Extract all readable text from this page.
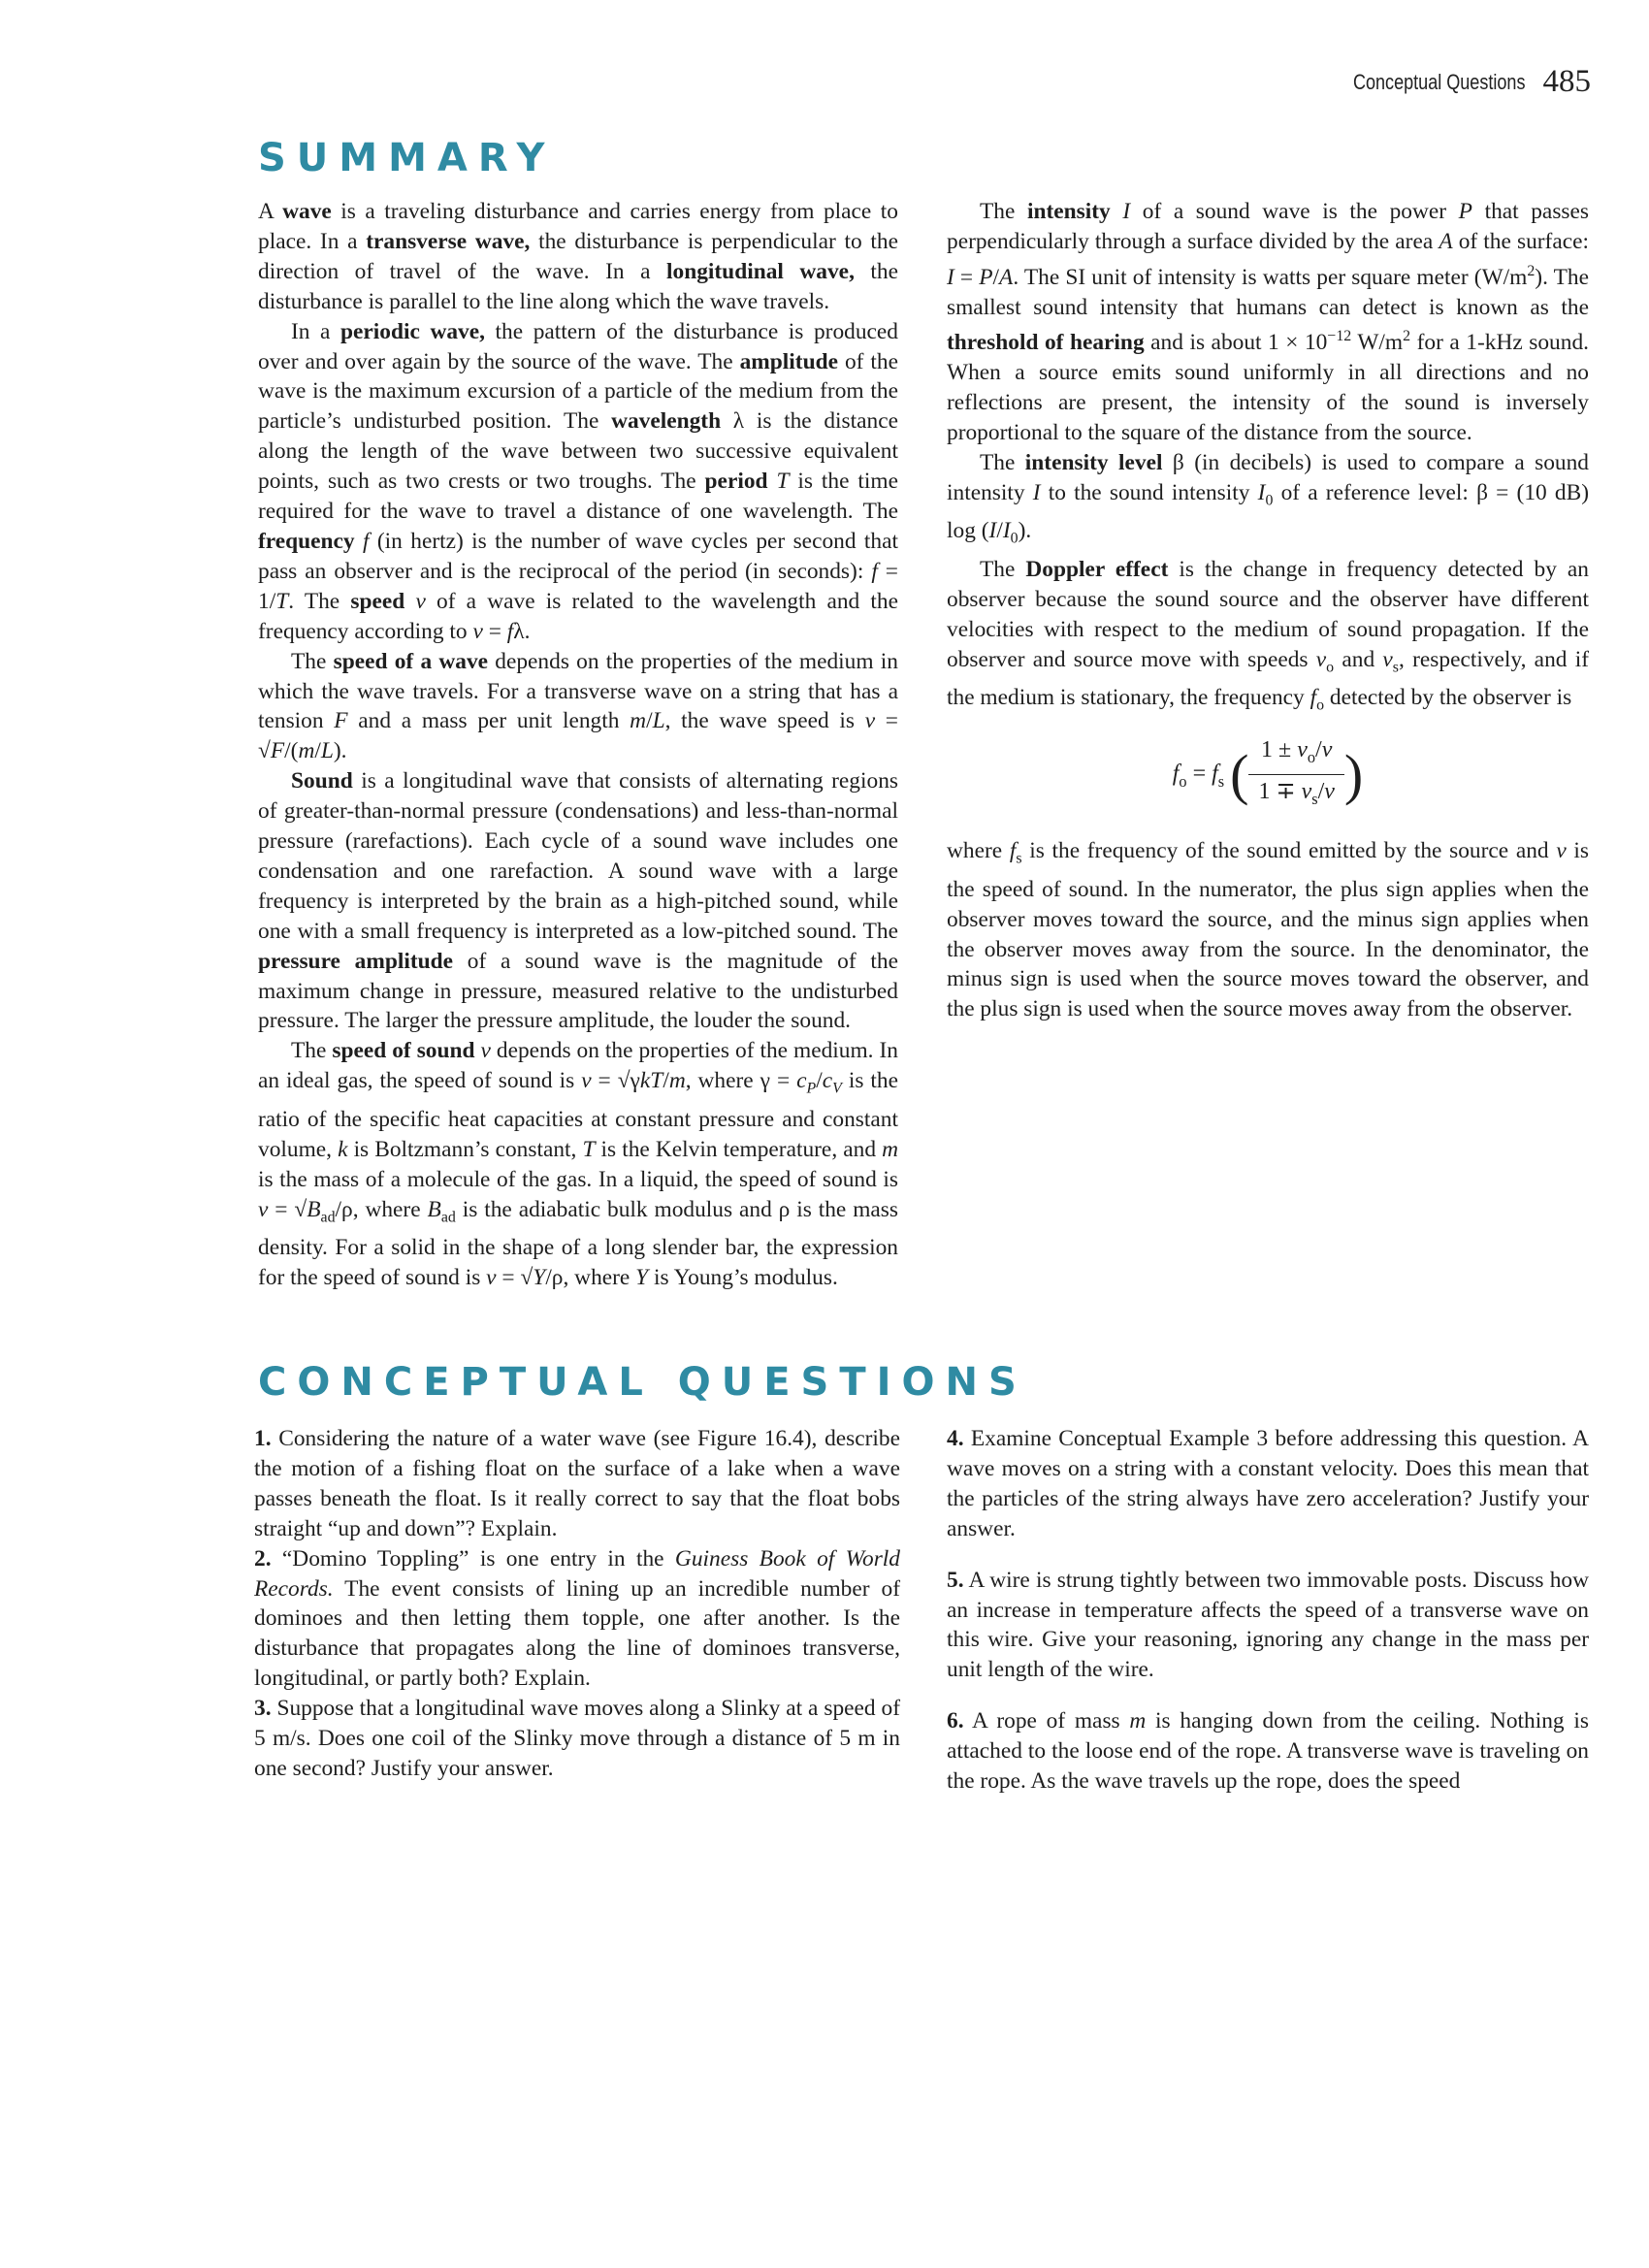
Conceptual Questions 485
SUMMARY

A wave is a traveling disturbance and carries energy from place to place. In a transverse wave, the disturbance is perpendicular to the direction of travel of the wave. In a longitudinal wave, the disturbance is parallel to the line along which the wave travels.

In a periodic wave, the pattern of the disturbance is produced over and over again by the source of the wave. The amplitude of the wave is the maximum excursion of a particle of the medium from the particle’s undisturbed position. The wavelength λ is the distance along the length of the wave between two successive equivalent points, such as two crests or two troughs. The period T is the time required for the wave to travel a distance of one wavelength. The frequency f (in hertz) is the number of wave cycles per second that pass an observer and is the reciprocal of the period (in seconds): f = 1/T. The speed v of a wave is related to the wavelength and the frequency according to v = fλ.

The speed of a wave depends on the properties of the medium in which the wave travels. For a transverse wave on a string that has a tension F and a mass per unit length m/L, the wave speed is v = √F/(m/L).

Sound is a longitudinal wave that consists of alternating regions of greater-than-normal pressure (condensations) and less-than-normal pressure (rarefactions). Each cycle of a sound wave includes one condensation and one rarefaction. A sound wave with a large frequency is interpreted by the brain as a high-pitched sound, while one with a small frequency is interpreted as a low-pitched sound. The pressure amplitude of a sound wave is the magnitude of the maximum change in pressure, measured relative to the undisturbed pressure. The larger the pressure amplitude, the louder the sound.

The speed of sound v depends on the properties of the medium. In an ideal gas, the speed of sound is v = √γkT/m, where $\gamma = c_P/c_V$ is the ratio of the specific heat capacities at constant pressure and constant volume, k is Boltzmann’s constant, T is the Kelvin temperature, and m is the mass of a molecule of the gas. In a liquid, the speed of sound is $v = √B_{ad}/\rho$, where $B_{ad}$ is the adiabatic bulk modulus and ρ is the mass density. For a solid in the shape of a long slender bar, the expression for the speed of sound is v = √Y/ρ, where Y is Young’s modulus.

The intensity I of a sound wave is the power P that passes perpendicularly through a surface divided by the area A of the surface: I = P/A. The SI unit of intensity is watts per square meter $(W/m^2)$. The smallest sound intensity that humans can detect is known as the threshold of hearing and is about $1 \times 10^{-12}$ $W/m^2$ for a 1-kHz sound. When a source emits sound uniformly in all directions and no reflections are present, the intensity of the sound is inversely proportional to the square of the distance from the source.

The intensity level β (in decibels) is used to compare a sound intensity I to the sound intensity $I_0$ of a reference level: β = (10 dB) $\log (I/I_0)$.

The Doppler effect is the change in frequency detected by an observer because the sound source and the observer have different velocities with respect to the medium of sound propagation. If the observer and source move with speeds $v_o$ and $v_s$, respectively, and if the medium is stationary, the frequency $f_o$ detected by the observer is

$f_o = f_s$ ( $\frac{1 \pm v_o/v}{1 \mp v_s/v}$ )

where $f_s$ is the frequency of the sound emitted by the source and v is the speed of sound. In the numerator, the plus sign applies when the observer moves toward the source, and the minus sign applies when the observer moves away from the source. In the denominator, the minus sign is used when the source moves toward the observer, and the plus sign is used when the source moves away from the observer.

CONCEPTUAL QUESTIONS

1. Considering the nature of a water wave (see Figure 16.4), describe the motion of a fishing float on the surface of a lake when a wave passes beneath the float. Is it really correct to say that the float bobs straight “up and down”? Explain.

2. “Domino Toppling” is one entry in the Guiness Book of World Records. The event consists of lining up an incredible number of dominoes and then letting them topple, one after another. Is the disturbance that propagates along the line of dominoes transverse, longitudinal, or partly both? Explain.

3. Suppose that a longitudinal wave moves along a Slinky at a speed of 5 m/s. Does one coil of the Slinky move through a distance of 5 m in one second? Justify your answer.

4. Examine Conceptual Example 3 before addressing this question. A wave moves on a string with a constant velocity. Does this mean that the particles of the string always have zero acceleration? Justify your answer.

5. A wire is strung tightly between two immovable posts. Discuss how an increase in temperature affects the speed of a transverse wave on this wire. Give your reasoning, ignoring any change in the mass per unit length of the wire.

6. A rope of mass m is hanging down from the ceiling. Nothing is attached to the loose end of the rope. A transverse wave is traveling on the rope. As the wave travels up the rope, does the speed
